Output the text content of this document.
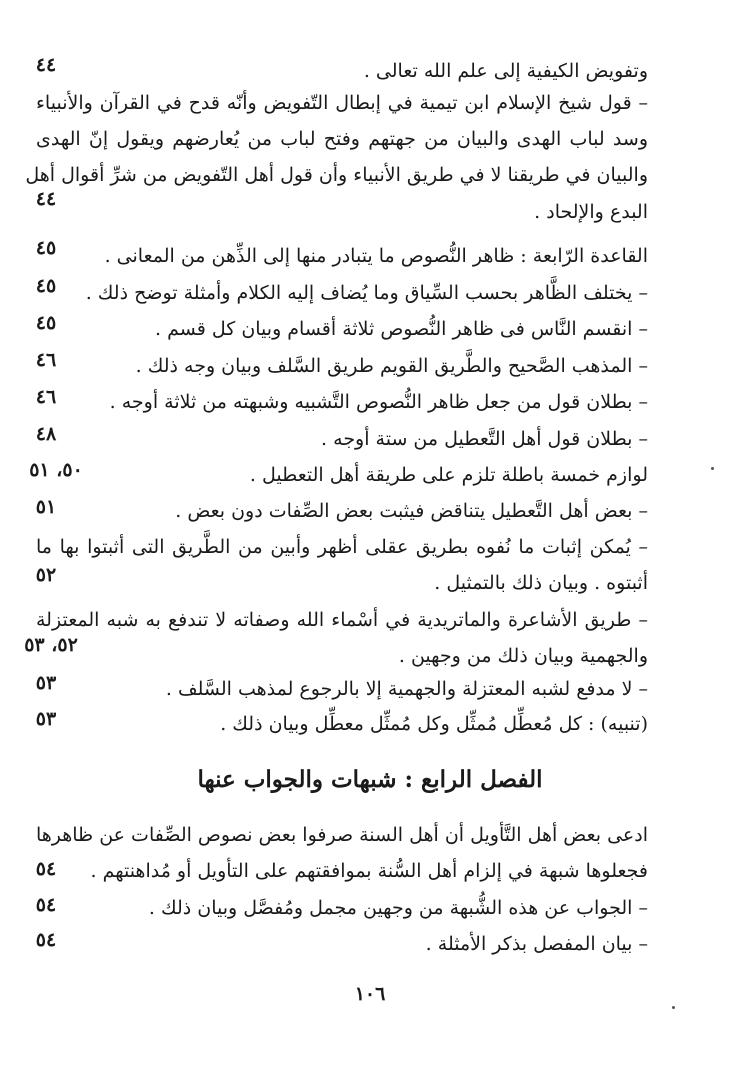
وتفويض الكيفية إلى علم الله تعالى .
٤٤
– قول شيخ الإسلام ابن تيمية في إبطال التّفويض وأنّه قدح في القرآن والأنبياء
وسد لباب الهدى والبيان من جهتهم وفتح لباب من يُعارضهم ويقول إنّ الهدى
والبيان في طريقنا لا في طريق الأنبياء وأن قول أهل التّفويض من شرِّ أقوال أهل
البدع والإلحاد .
٤٤
القاعدة الرّابعة : ظاهر النُّصوص ما يتبادر منها إلى الذِّهن من المعانى .
٤٥
– يختلف الظَّاهر بحسب السِّياق وما يُضاف إليه الكلام وأمثلة توضح ذلك .
٤٥
– انقسم النَّاس فى ظاهر النُّصوص ثلاثة أقسام وبيان كل قسم .
٤٥
– المذهب الصَّحيح والطَّريق القويم طريق السَّلف وبيان وجه ذلك .
٤٦
– بطلان قول من جعل ظاهر النُّصوص التَّشبيه وشبهته من ثلاثة أوجه .
٤٦
– بطلان قول أهل التَّعطيل من ستة أوجه .
٤٨
لوازم خمسة باطلة تلزم على طريقة أهل التعطيل .
٥٠، ٥١
– بعض أهل التَّعطيل يتناقض فيثبت بعض الصِّفات دون بعض .
٥١
– يُمكن إثبات ما نُفوه بطريق عقلى أظهر وأبين من الطَّريق التى أثبتوا بها ما
أثبتوه . وبيان ذلك بالتمثيل .
٥٢
– طريق الأشاعرة والماتريدية في أسْماء الله وصفاته لا تندفع به شبه المعتزلة
والجهمية وبيان ذلك من وجهين .
٥٢، ٥٣
– لا مدفع لشبه المعتزلة والجهمية إلا بالرجوع لمذهب السَّلف .
٥٣
(تنبيه) : كل مُعطِّل مُمثِّل وكل مُمثِّل معطِّل وبيان ذلك .
٥٣
الفصل الرابع : شبهات والجواب عنها
ادعى بعض أهل التَّأويل أن أهل السنة صرفوا بعض نصوص الصِّفات عن ظاهرها
فجعلوها شبهة في إلزام أهل السُّنة بموافقتهم على التأويل أو مُداهنتهم .
٥٤
– الجواب عن هذه الشُّبهة من وجهين مجمل ومُفصَّل وبيان ذلك .
٥٤
– بيان المفصل بذكر الأمثلة .
٥٤
١٠٦
